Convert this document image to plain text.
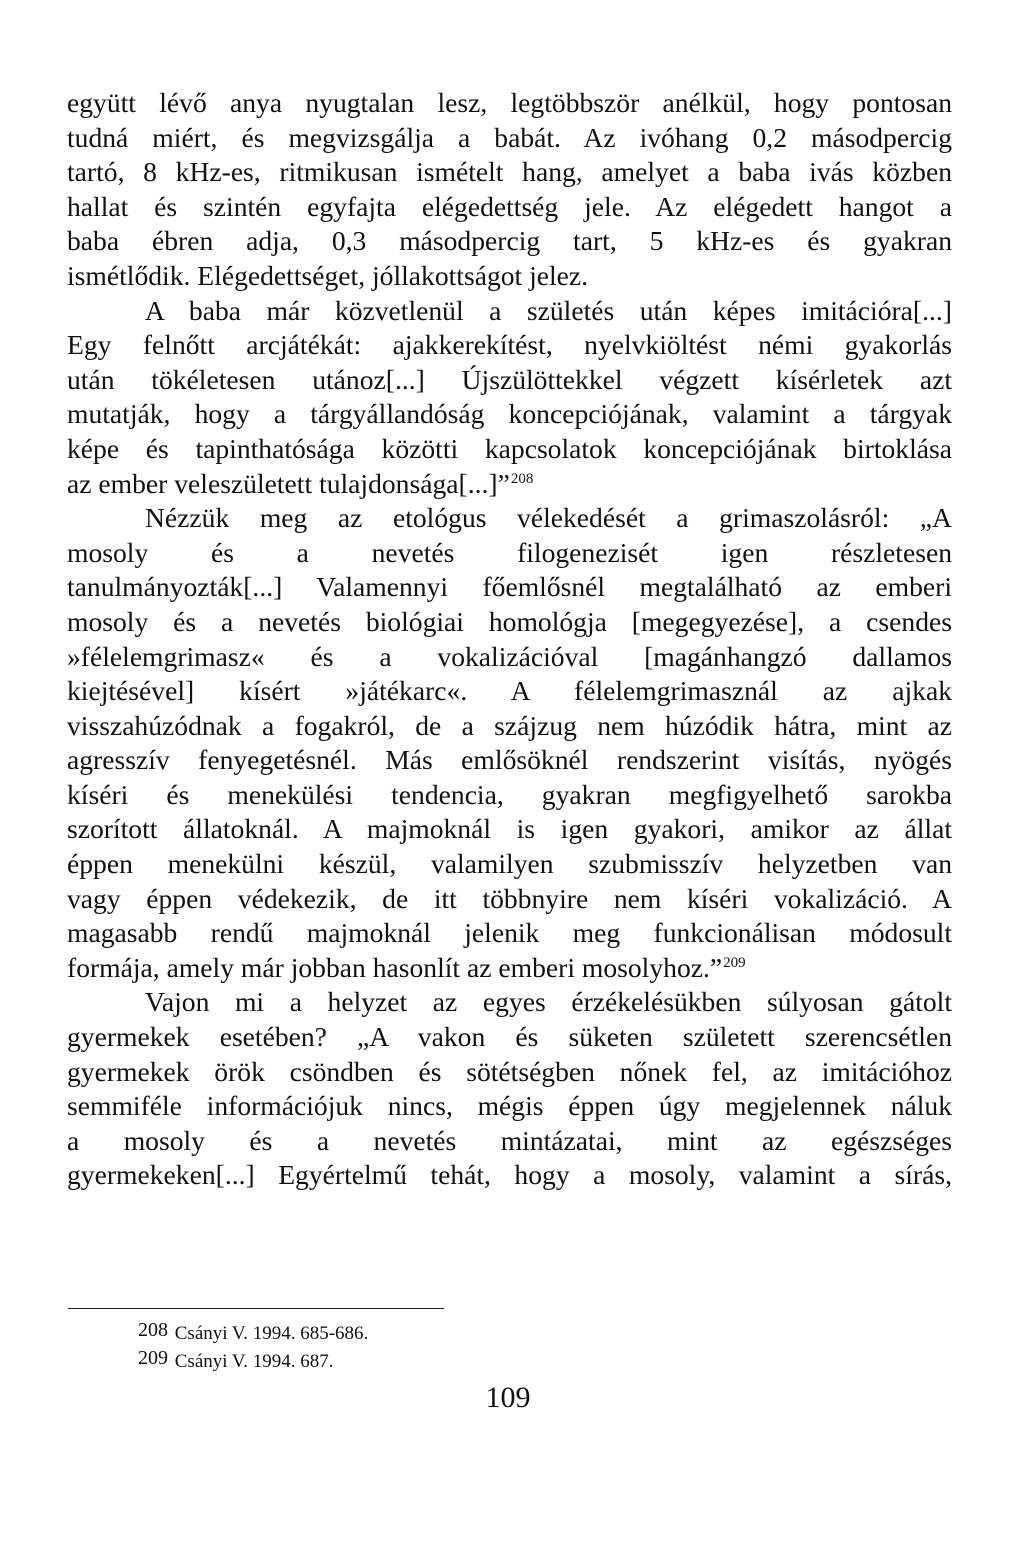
együtt lévő anya nyugtalan lesz, legtöbbször anélkül, hogy pontosan
tudná miért, és megvizsgálja a babát. Az ivóhang 0,2 másodpercig
tartó, 8 kHz-es, ritmikusan ismételt hang, amelyet a baba ivás közben
hallat és szintén egyfajta elégedettség jele. Az elégedett hangot a
baba ébren adja, 0,3 másodpercig tart, 5 kHz-es és gyakran
ismétlődik. Elégedettséget, jóllakottságot jelez.
A baba már közvetlenül a születés után képes imitációra[...]
Egy felnőtt arcjátékát: ajakkerekítést, nyelvkiöltést némi gyakorlás
után tökéletesen utánoz[...] Újszülöttekkel végzett kísérletek azt
mutatják, hogy a tárgyállandóság koncepciójának, valamint a tárgyak
képe és tapinthatósága közötti kapcsolatok koncepciójának birtoklása
az ember veleszületett tulajdonsága[...]”$^{208}$
Nézzük meg az etológus vélekedését a grimaszolásról: „A
mosoly és a nevetés filogenezisét igen részletesen
tanulmányozták[...] Valamennyi főemlősnél megtalálható az emberi
mosoly és a nevetés biológiai homológja [megegyezése], a csendes
»félelemgrimasz« és a vokalizációval [magánhangzó dallamos
kiejtésével] kísért »játékarc«. A félelemgrimasznál az ajkak
visszahúzódnak a fogakról, de a szájzug nem húzódik hátra, mint az
agresszív fenyegetésnél. Más emlősöknél rendszerint visítás, nyögés
kíséri és menekülési tendencia, gyakran megfigyelhető sarokba
szorított állatoknál. A majmoknál is igen gyakori, amikor az állat
éppen menekülni készül, valamilyen szubmisszív helyzetben van
vagy éppen védekezik, de itt többnyire nem kíséri vokalizáció. A
magasabb rendű majmoknál jelenik meg funkcionálisan módosult
formája, amely már jobban hasonlít az emberi mosolyhoz.”$^{209}$
Vajon mi a helyzet az egyes érzékelésükben súlyosan gátolt
gyermekek esetében? „A vakon és süketen született szerencsétlen
gyermekek örök csöndben és sötétségben nőnek fel, az imitációhoz
semmiféle információjuk nincs, mégis éppen úgy megjelennek náluk
a mosoly és a nevetés mintázatai, mint az egészséges
gyermekeken[...] Egyértelmű tehát, hogy a mosoly, valamint a sírás,
208 Csányi V. 1994. 685-686.
209 Csányi V. 1994. 687.
109
